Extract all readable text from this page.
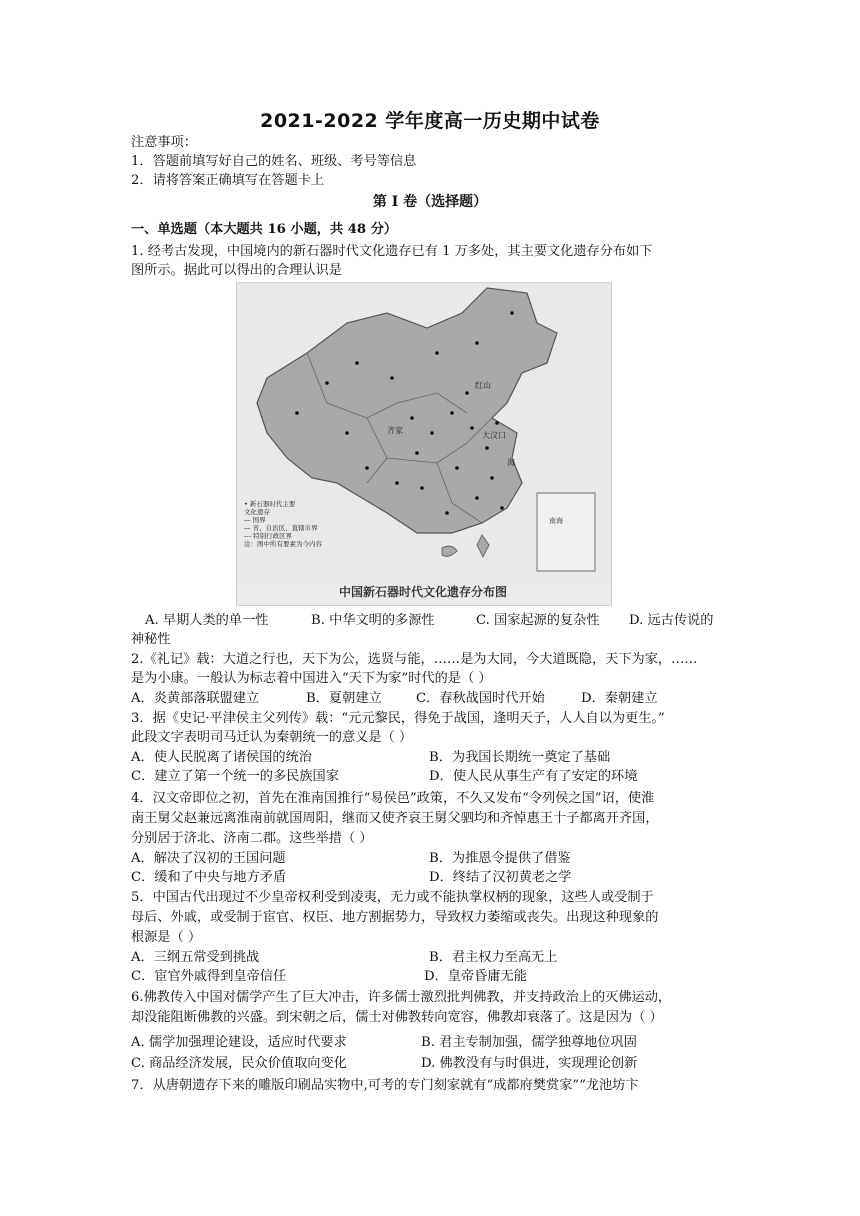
2021-2022 学年度高一历史期中试卷
注意事项：
1．答题前填写好自己的姓名、班级、考号等信息
2．请将答案正确填写在答题卡上
第 I 卷（选择题）
一、单选题（本大题共 16 小题，共 48 分）
1. 经考古发现，中国境内的新石器时代文化遗存已有 1 万多处，其主要文化遗存分布如下
图所示。据此可以得出的合理认识是
红山
齐家
大汶口
南海
海
• 新石器时代主要
文化遗存
— 国界
— 省、自治区、直辖市界
--- 特别行政区界
注：图中所有要素为今内容
中国新石器时代文化遗存分布图
A. 早期人类的单一性	B. 中华文明的多源性	C. 国家起源的复杂性 D. 远古传说的
神秘性
2.《礼记》载：大道之行也，天下为公，选贤与能，……是为大同，今大道既隐，天下为家，……
是为小康。一般认为标志着中国进入“天下为家”时代的是（ ）
A．炎黄部落联盟建立	B．夏朝建立	C．春秋战国时代开始	D．秦朝建立
3．据《史记·平津侯主父列传》载：“元元黎民，得免于战国，逢明天子，人人自以为更生。”
此段文字表明司马迁认为秦朝统一的意义是（ ）
A．使人民脱离了诸侯国的统治	B．为我国长期统一奠定了基础
C．建立了第一个统一的多民族国家	D．使人民从事生产有了安定的环境
4．汉文帝即位之初，首先在淮南国推行“易侯邑”政策，不久又发布“令列侯之国”诏，使淮
南王舅父赵兼远离淮南前就国周阳，继而又使齐哀王舅父驷均和齐悼惠王十子都离开齐国，
分别居于济北、济南二郡。这些举措（ ）
A．解决了汉初的王国问题	B．为推恩令提供了借鉴
C．缓和了中央与地方矛盾	D．终结了汉初黄老之学
5．中国古代出现过不少皇帝权利受到凌夷，无力或不能执掌权柄的现象，这些人或受制于
母后、外戚，或受制于宦官、权臣、地方割据势力，导致权力萎缩或丧失。出现这种现象的
根源是（ ）
A．三纲五常受到挑战	B．君主权力至高无上
C．宦官外戚得到皇帝信任	D．皇帝昏庸无能
6.佛教传入中国对儒学产生了巨大冲击，许多儒士激烈批判佛教，并支持政治上的灭佛运动，
却没能阻断佛教的兴盛。到宋朝之后，儒士对佛教转向宽容，佛教却衰落了。这是因为（ ）
A. 儒学加强理论建设，适应时代要求	B. 君主专制加强，儒学独尊地位巩固
C. 商品经济发展，民众价值取向变化	D. 佛教没有与时俱进，实现理论创新
7．从唐朝遗存下来的雕版印刷品实物中,可考的专门刻家就有“成都府樊赏家”“龙池坊卞
